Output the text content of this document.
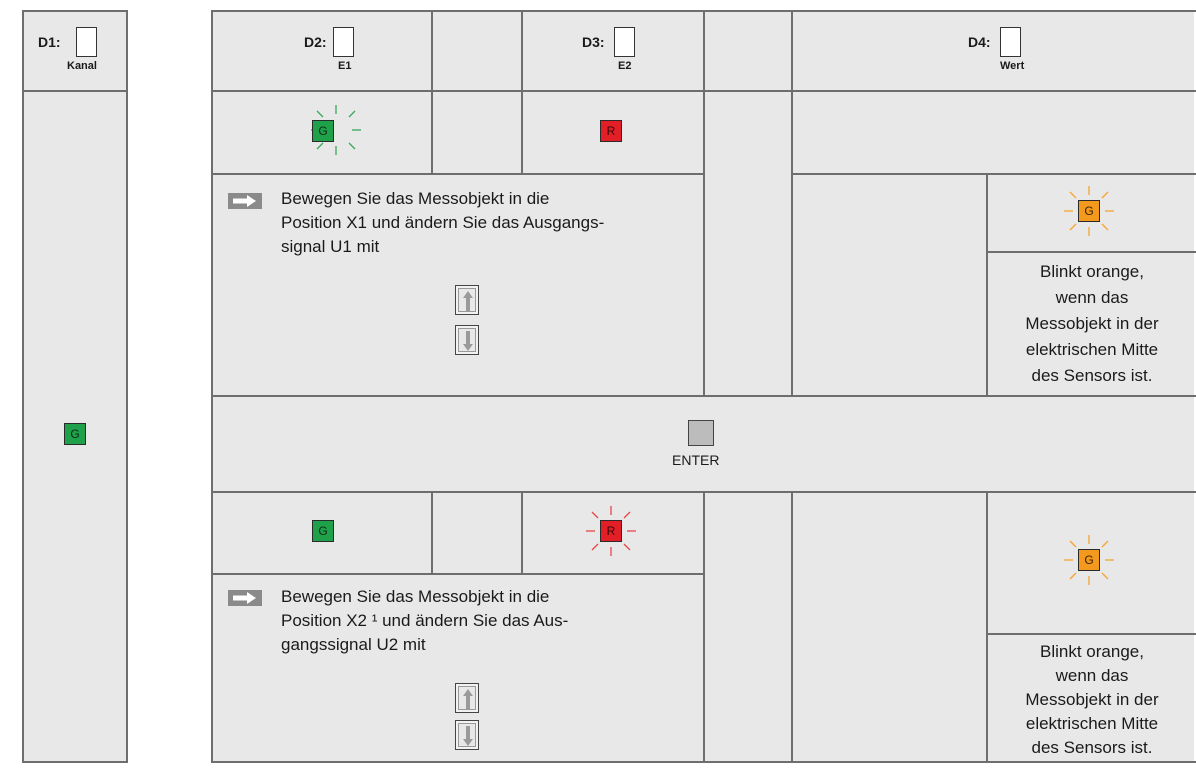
D1:
Kanal
G
D2:
E1
D3:
E2
D4:
Wert
G	R
Bewegen Sie das Messobjekt in die
Position X1 und ändern Sie das Ausgangs-
signal U1 mit
G
Blinkt orange,
wenn das
Messobjekt in der
elektrischen Mitte
des Sensors ist.
ENTER
G	R
Bewegen Sie das Messobjekt in die
Position X2 ¹ und ändern Sie das Aus-
gangssignal U2 mit
G
Blinkt orange,
wenn das
Messobjekt in der
elektrischen Mitte
des Sensors ist.
